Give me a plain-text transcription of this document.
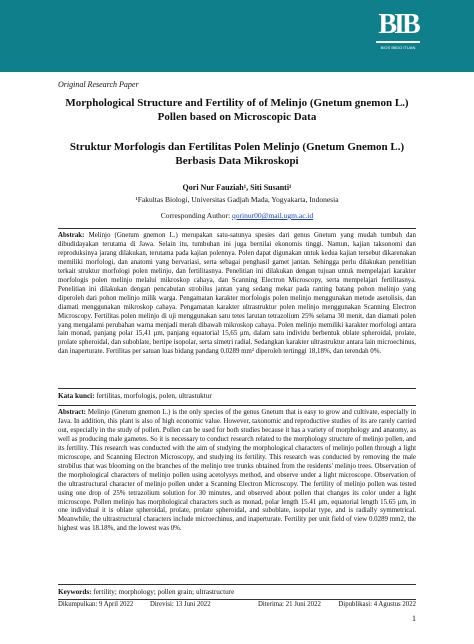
BIB
BIOS IBIDO ITUAN
Original Research Paper
Morphological Structure and Fertility of of Melinjo (Gnetum gnemon L.)
Pollen based on Microscopic Data
Struktur Morfologis dan Fertilitas Polen Melinjo (Gnetum Gnemon L.)
Berbasis Data Mikroskopi
Qori Nur Fauziah¹, Siti Susanti¹
¹Fakultas Biologi, Universitas Gadjah Mada, Yogyakarta, Indonesia
Corresponding Author: qorinur00@mail.ugm.ac.id
Abstrak: Melinjo (Gnetum gnemon L.) merupakan satu-satunya spesies dari genus Gnetum yang mudah tumbuh dan dibudidayakan terutama di Jawa. Selain itu, tumbuhan ini juga bernilai ekonomis tinggi. Namun, kajian taksonomi dan reproduksinya jarang dilakukan, terutama pada kajian polennya. Polen dapat digunakan untuk kedua kajian tersebut dikarenakan memiliki morfologi, dan anatomi yang bervariasi, serta sebagai penghasil gamet jantan. Sehingga perlu dilakukan penelitian terkait struktur morfologi polen melinjo, dan fertilitasnya. Penelitian ini dilakukan dengan tujuan untuk mempelajari karakter morfologis polen melinjo melalui mikroskop cahaya, dan Scanning Electron Microscopy, serta mempelajari fertilitasnya. Penelitian ini dilakukan dengan pencabutan strobilus jantan yang sedang mekar pada ranting batang pohon melinjo yang diperoleh dari pohon melinjo milik warga. Pengamatan karakter morfologis polen melinjo menggunakan metode asetolisis, dan diamati menggunakan mikroskop cahaya. Pengamatan karakter ultrastruktur polen melinjo menggunakan Scanning Electron Microscopy. Fertilitas polen melinjo di uji menggunakan satu tetes larutan tetrazolium 25% selama 30 menit, dan diamati polen yang mengalami perubahan warna menjadi merah dibawah mikroskop cahaya. Polen melinjo memiliki karakter morfologi antara lain monad, panjang polar 15,41 μm, panjang equatorial 15,65 μm, dalam satu individu berbentuk oblate spheroidal, prolate, prolate spheroidal, dan suboblate, bertipe isopolar, serta simetri radial. Sedangkan karakter ultrastruktur antara lain microechinus, dan inaperturate. Fertilitas per satuan luas bidang pandang 0.0289 mm² diperoleh tertinggi 18,18%, dan terendah 0%.
Kata kunci: fertilitas, morfologis, polen, ultrastuktur
Abstract: Melinjo (Gnetum gnemon L.) is the only species of the genus Gnetum that is easy to grow and cultivate, especially in Java. In addition, this plant is also of high economic value. However, taxonomic and reproductive studies of its are rarely carried out, especially in the study of pollen. Pollen can be used for both studies because it has a variety of morphology and anatomy, as well as producing male gametes. So it is necessary to conduct research related to the morphology structure of melinjo pollen, and its fertility. This research was conducted with the aim of studying the morphological characters of melinjo pollen through a light microscope, and Scanning Electron Microscopy, and studying its fertility. This research was conducted by removing the male strobilus that was blooming on the branches of the melinjo tree trunks obtained from the residents' melinjo trees. Observation of the morphological characters of melinjo pollen using acetolysys method, and observe under a light microscope. Observation of the ultrastructural character of melinjo pollen under a Scanning Electron Microscopy. The fertility of melinjo pollen was tested using one drop of 25% tetrazolium solution for 30 minutes, and observed about pollen that changes its color under a light microscope. Pollen melinjo has morphological characters such as monad, polar length 15.41 μm, equatorial length 15.65 μm, in one individual it is oblate spheroidal, prolate, prolate spheroidal, and suboblate, isopolar type, and is radially symmetrical. Meanwhile, the ultrastructural characters include microechinus, and inaperturate. Fertility per unit field of view 0.0289 mm2, the highest was 18.18%, and the lowest was 0%.
Keywords: fertility; morphology; pollen grain; ultrastructure
Dikumpulkan: 9 April 2022	Direvisi: 13 Juni 2022	Diterima: 21 Juni 2022	Dipublikasi: 4 Agustus 2022
1
